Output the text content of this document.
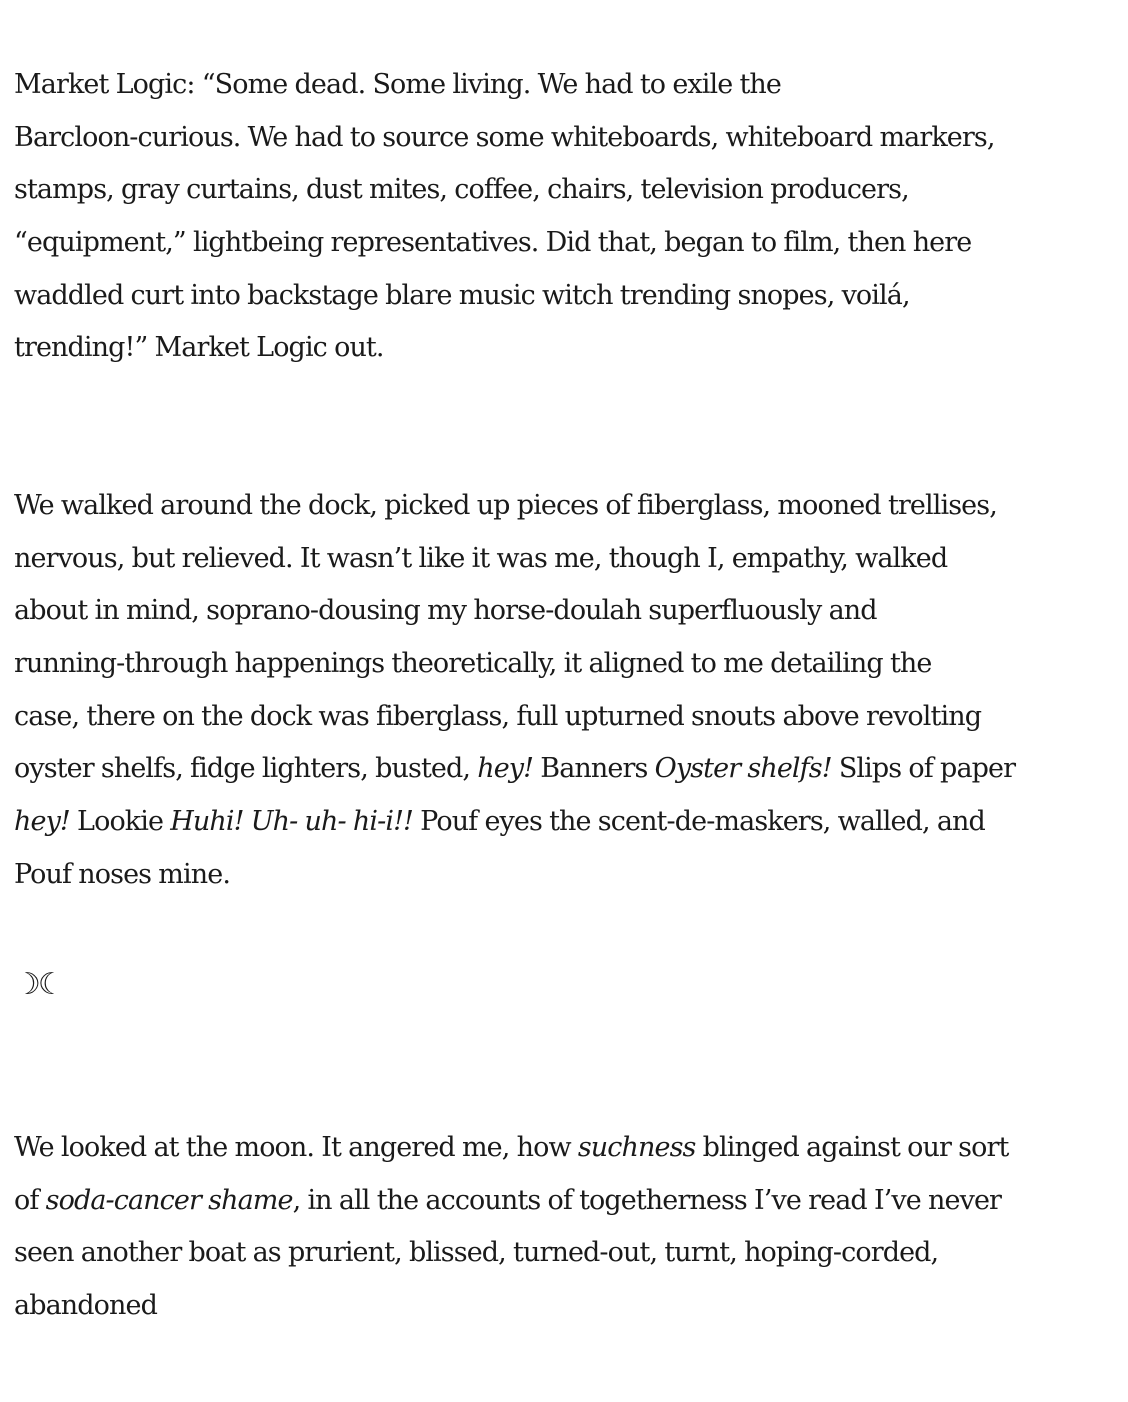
Market Logic: “Some dead. Some living. We had to exile the
Barcloon-curious. We had to source some whiteboards, whiteboard markers,
stamps, gray curtains, dust mites, coffee, chairs, television producers,
“equipment,” lightbeing representatives. Did that, began to film, then here
waddled curt into backstage blare music witch trending snopes, voilá,
trending!” Market Logic out.

We walked around the dock, picked up pieces of fiberglass, mooned trellises,
nervous, but relieved. It wasn’t like it was me, though I, empathy, walked
about in mind, soprano-dousing my horse-doulah superfluously and
running-through happenings theoretically, it aligned to me detailing the
case, there on the dock was fiberglass, full upturned snouts above revolting
oyster shelfs, fidge lighters, busted, hey! Banners Oyster shelfs! Slips of paper
hey! Lookie Huhi! Uh- uh- hi-i!! Pouf eyes the scent-de-maskers, walled, and
Pouf noses mine.

☽☾

We looked at the moon. It angered me, how suchness blinged against our sort
of soda-cancer shame, in all the accounts of togetherness I’ve read I’ve never
seen another boat as prurient, blissed, turned-out, turnt, hoping-corded,
abandoned
